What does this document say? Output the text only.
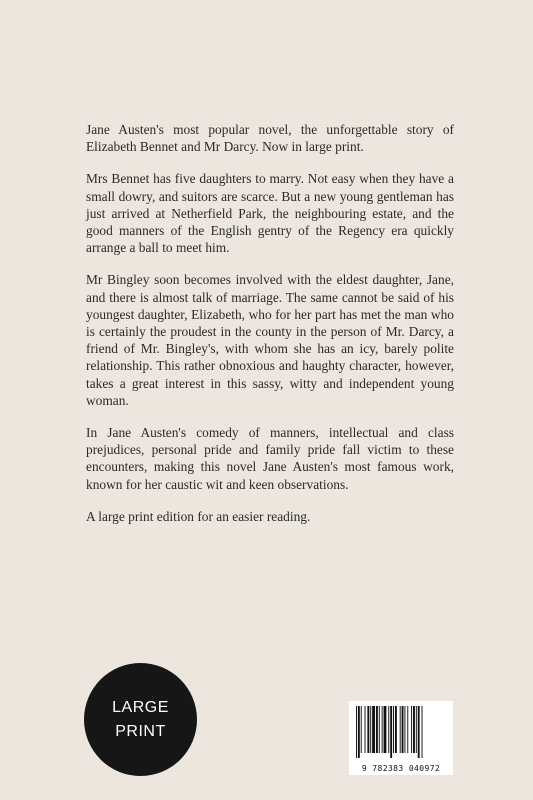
Jane Austen's most popular novel, the unforgettable story of Elizabeth Bennet and Mr Darcy. Now in large print.

Mrs Bennet has five daughters to marry. Not easy when they have a small dowry, and suitors are scarce. But a new young gentleman has just arrived at Netherfield Park, the neighbouring estate, and the good manners of the English gentry of the Regency era quickly arrange a ball to meet him.

Mr Bingley soon becomes involved with the eldest daughter, Jane, and there is almost talk of marriage. The same cannot be said of his youngest daughter, Elizabeth, who for her part has met the man who is certainly the proudest in the county in the person of Mr. Darcy, a friend of Mr. Bingley's, with whom she has an icy, barely polite relationship. This rather obnoxious and haughty character, however, takes a great interest in this sassy, witty and independent young woman.

In Jane Austen's comedy of manners, intellectual and class prejudices, personal pride and family pride fall victim to these encounters, making this novel Jane Austen's most famous work, known for her caustic wit and keen observations.

A large print edition for an easier reading.

LARGE
PRINT
9 782383 040972
